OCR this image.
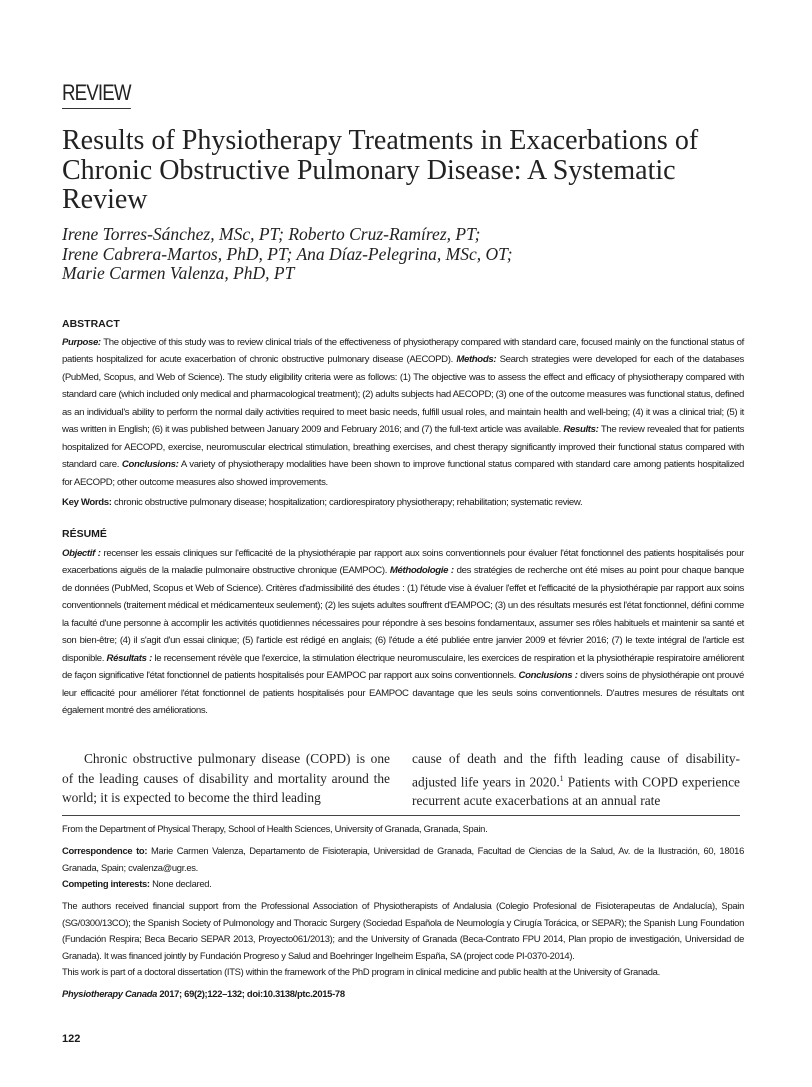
REVIEW
Results of Physiotherapy Treatments in Exacerbations of Chronic Obstructive Pulmonary Disease: A Systematic Review
Irene Torres-Sánchez, MSc, PT; Roberto Cruz-Ramírez, PT;
Irene Cabrera-Martos, PhD, PT; Ana Díaz-Pelegrina, MSc, OT;
Marie Carmen Valenza, PhD, PT
ABSTRACT

Purpose: The objective of this study was to review clinical trials of the effectiveness of physiotherapy compared with standard care, focused mainly on the functional status of patients hospitalized for acute exacerbation of chronic obstructive pulmonary disease (AECOPD). Methods: Search strategies were developed for each of the databases (PubMed, Scopus, and Web of Science). The study eligibility criteria were as follows: (1) The objective was to assess the effect and efficacy of physiotherapy compared with standard care (which included only medical and pharmacological treatment); (2) adults subjects had AECOPD; (3) one of the outcome measures was functional status, defined as an individual's ability to perform the normal daily activities required to meet basic needs, fulfill usual roles, and maintain health and well-being; (4) it was a clinical trial; (5) it was written in English; (6) it was published between January 2009 and February 2016; and (7) the full-text article was available. Results: The review revealed that for patients hospitalized for AECOPD, exercise, neuromuscular electrical stimulation, breathing exercises, and chest therapy significantly improved their functional status compared with standard care. Conclusions: A variety of physiotherapy modalities have been shown to improve functional status compared with standard care among patients hospitalized for AECOPD; other outcome measures also showed improvements.

Key Words: chronic obstructive pulmonary disease; hospitalization; cardiorespiratory physiotherapy; rehabilitation; systematic review.

RÉSUMÉ

Objectif : recenser les essais cliniques sur l'efficacité de la physiothérapie par rapport aux soins conventionnels pour évaluer l'état fonctionnel des patients hospitalisés pour exacerbations aiguës de la maladie pulmonaire obstructive chronique (EAMPOC). Méthodologie : des stratégies de recherche ont été mises au point pour chaque banque de données (PubMed, Scopus et Web of Science). Critères d'admissibilité des études : (1) l'étude vise à évaluer l'effet et l'efficacité de la physiothérapie par rapport aux soins conventionnels (traitement médical et médicamenteux seulement); (2) les sujets adultes souffrent d'EAMPOC; (3) un des résultats mesurés est l'état fonctionnel, défini comme la faculté d'une personne à accomplir les activités quotidiennes nécessaires pour répondre à ses besoins fondamentaux, assumer ses rôles habituels et maintenir sa santé et son bien-être; (4) il s'agit d'un essai clinique; (5) l'article est rédigé en anglais; (6) l'étude a été publiée entre janvier 2009 et février 2016; (7) le texte intégral de l'article est disponible. Résultats : le recensement révèle que l'exercice, la stimulation électrique neuromusculaire, les exercices de respiration et la physiothérapie respiratoire améliorent de façon significative l'état fonctionnel de patients hospitalisés pour EAMPOC par rapport aux soins conventionnels. Conclusions : divers soins de physiothérapie ont prouvé leur efficacité pour améliorer l'état fonctionnel de patients hospitalisés pour EAMPOC davantage que les seuls soins conventionnels. D'autres mesures de résultats ont également montré des améliorations.

Chronic obstructive pulmonary disease (COPD) is one of the leading causes of disability and mortality around the world; it is expected to become the third leading

cause of death and the fifth leading cause of disability-adjusted life years in 2020.$^1$ Patients with COPD experience recurrent acute exacerbations at an annual rate

From the Department of Physical Therapy, School of Health Sciences, University of Granada, Granada, Spain.

Correspondence to: Marie Carmen Valenza, Departamento de Fisioterapia, Universidad de Granada, Facultad de Ciencias de la Salud, Av. de la Ilustración, 60, 18016 Granada, Spain; cvalenza@ugr.es.

Competing interests: None declared.

The authors received financial support from the Professional Association of Physiotherapists of Andalusia (Colegio Profesional de Fisioterapeutas de Andalucía), Spain (SG/0300/13CO); the Spanish Society of Pulmonology and Thoracic Surgery (Sociedad Española de Neumología y Cirugía Torácica, or SEPAR); the Spanish Lung Foundation (Fundación Respira; Beca Becario SEPAR 2013, Proyecto061/2013); and the University of Granada (Beca-Contrato FPU 2014, Plan propio de investigación, Universidad de Granada). It was financed jointly by Fundación Progreso y Salud and Boehringer Ingelheim España, SA (project code PI-0370-2014).

This work is part of a doctoral dissertation (ITS) within the framework of the PhD program in clinical medicine and public health at the University of Granada.

Physiotherapy Canada 2017; 69(2);122–132; doi:10.3138/ptc.2015-78

122
